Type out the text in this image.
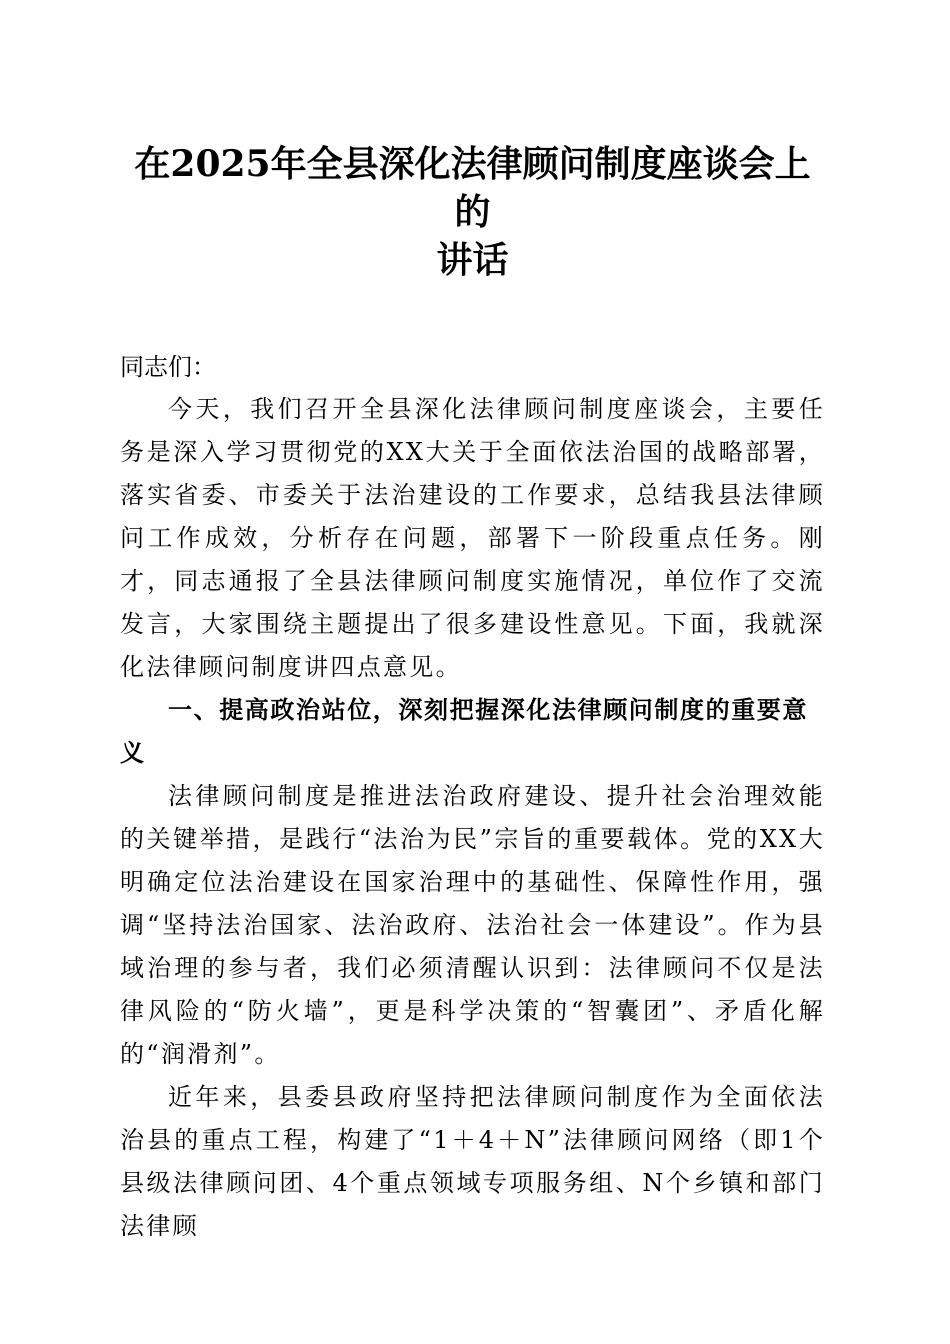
在2025年全县深化法律顾问制度座谈会上的
讲话
同志们：

今天，我们召开全县深化法律顾问制度座谈会，主要任务是深入学习贯彻党的XX大关于全面依法治国的战略部署，落实省委、市委关于法治建设的工作要求，总结我县法律顾问工作成效，分析存在问题，部署下一阶段重点任务。刚才，同志通报了全县法律顾问制度实施情况，单位作了交流发言，大家围绕主题提出了很多建设性意见。下面，我就深化法律顾问制度讲四点意见。

一、提高政治站位，深刻把握深化法律顾问制度的重要意义

法律顾问制度是推进法治政府建设、提升社会治理效能的关键举措，是践行“法治为民”宗旨的重要载体。党的XX大明确定位法治建设在国家治理中的基础性、保障性作用，强调“坚持法治国家、法治政府、法治社会一体建设”。作为县域治理的参与者，我们必须清醒认识到：法律顾问不仅是法律风险的“防火墙”，更是科学决策的“智囊团”、矛盾化解的“润滑剂”。

近年来，县委县政府坚持把法律顾问制度作为全面依法治县的重点工程，构建了“1＋4＋N”法律顾问网络（即1个县级法律顾问团、4个重点领域专项服务组、N个乡镇和部门法律顾
